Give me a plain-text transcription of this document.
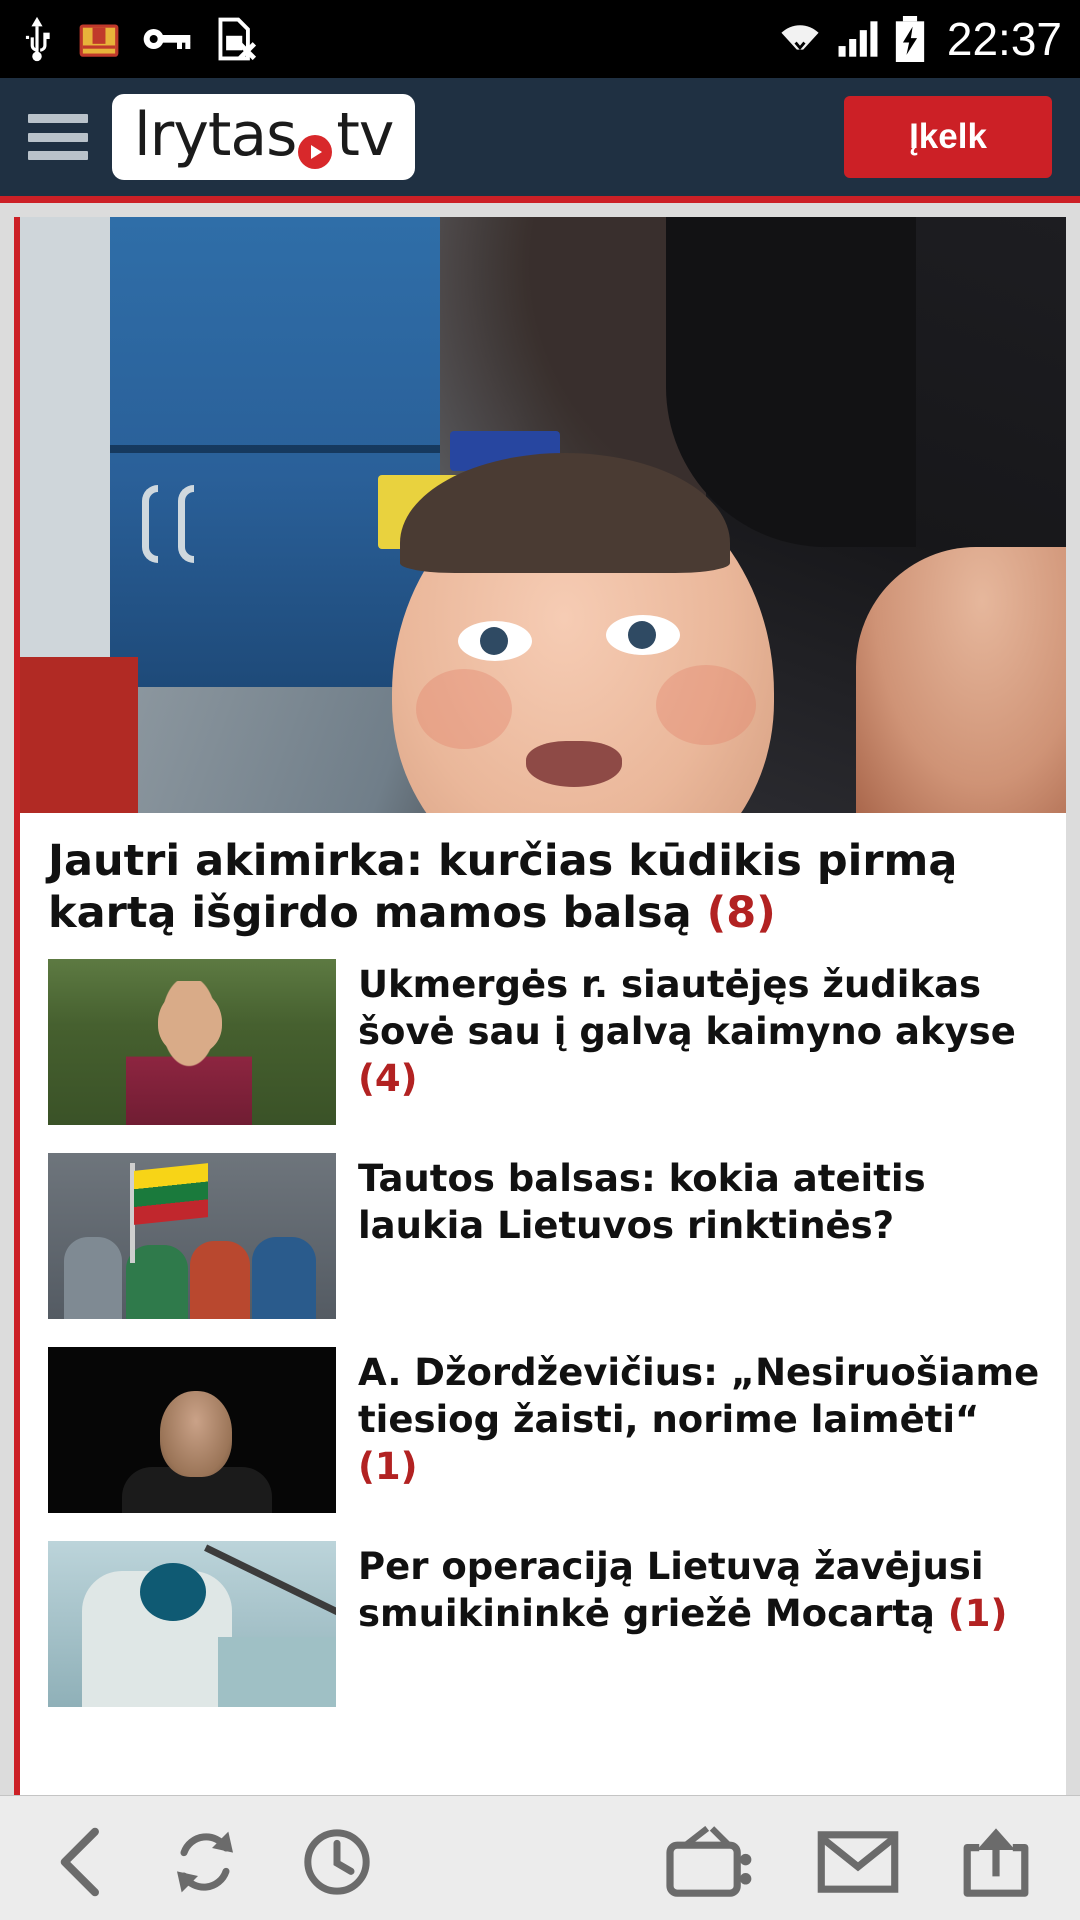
22:37
lrytas tv	Įkelk
Jautri akimirka: kurčias kūdikis pirmą kartą išgirdo mamos balsą (8)
Ukmergės r. siautėjęs žudikas šovė sau į galvą kaimyno akyse (4)
Tautos balsas: kokia ateitis laukia Lietuvos rinktinės?
A. Džordževičius: „Nesiruošiame tiesiog žaisti, norime laimėti“ (1)
Per operaciją Lietuvą žavėjusi smuikininkė griežė Mocartą (1)
